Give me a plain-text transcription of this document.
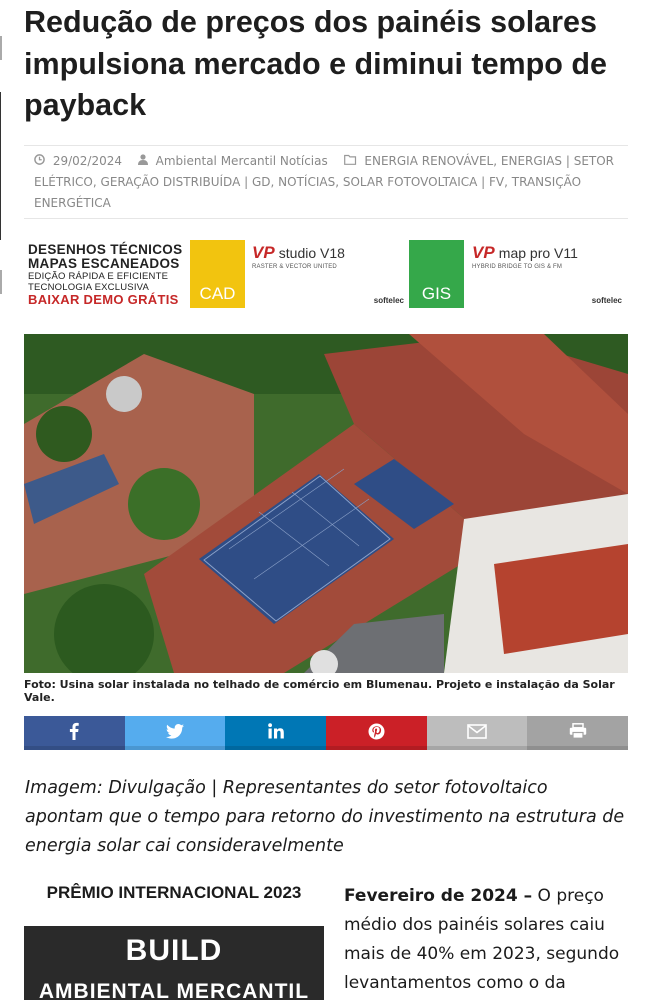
Redução de preços dos painéis solares impulsiona mercado e diminui tempo de payback
29/02/2024	Ambiental Mercantil Notícias	ENERGIA RENOVÁVEL, ENERGIAS | SETOR ELÉTRICO, GERAÇÃO DISTRIBUÍDA | GD, NOTÍCIAS, SOLAR FOTOVOLTAICA | FV, TRANSIÇÃO ENERGÉTICA
DESENHOS TÉCNICOS
MAPAS ESCANEADOS
EDIÇÃO RÁPIDA E EFICIENTE
TECNOLOGIA EXCLUSIVA
BAIXAR DEMO GRÁTIS	CAD
VP studio V18
RASTER & VECTOR UNITED
softelec	GIS
VP map pro V11
HYBRID BRIDGE TO GIS & FM
softelec
Foto: Usina solar instalada no telhado de comércio em Blumenau. Projeto e instalação da Solar Vale.

Imagem: Divulgação | Representantes do setor fotovoltaico apontam que o tempo para retorno do investimento na estrutura de energia solar cai consideravelmente

PRÊMIO INTERNACIONAL 2023
BUILD
AMBIENTAL MERCANTIL

Fevereiro de 2024 – O preço médio dos painéis solares caiu mais de 40% em 2023, segundo levantamentos como o da
